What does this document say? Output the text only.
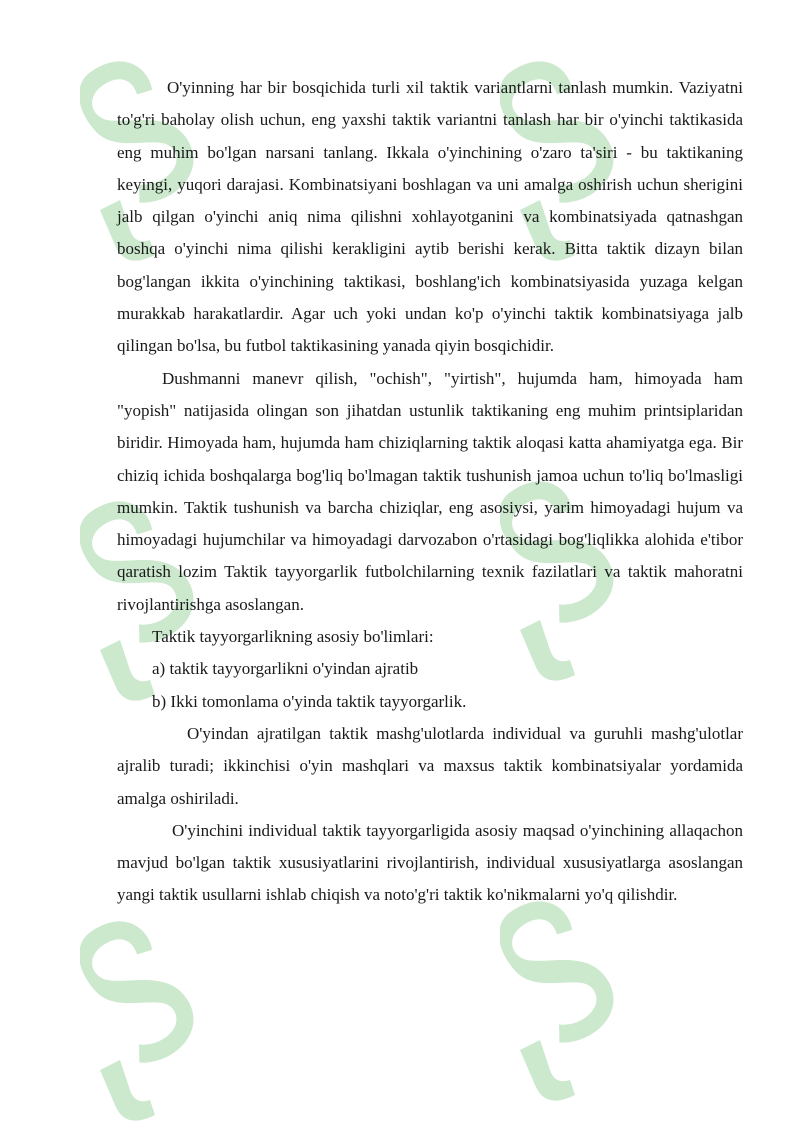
O'yinning har bir bosqichida turli xil taktik variantlarni tanlash mumkin. Vaziyatni to'g'ri baholay olish uchun, eng yaxshi taktik variantni tanlash har bir o'yinchi taktikasida eng muhim bo'lgan narsani tanlang. Ikkala o'yinchining o'zaro ta'siri - bu taktikaning keyingi, yuqori darajasi. Kombinatsiyani boshlagan va uni amalga oshirish uchun sherigini jalb qilgan o'yinchi aniq nima qilishni xohlayotganini va kombinatsiyada qatnashgan boshqa o'yinchi nima qilishi kerakligini aytib berishi kerak. Bitta taktik dizayn bilan bog'langan ikkita o'yinchining taktikasi, boshlang'ich kombinatsiyasida yuzaga kelgan murakkab harakatlardir. Agar uch yoki undan ko'p o'yinchi taktik kombinatsiyaga jalb qilingan bo'lsa, bu futbol taktikasining yanada qiyin bosqichidir.

Dushmanni manevr qilish, "ochish", "yirtish", hujumda ham, himoyada ham "yopish" natijasida olingan son jihatdan ustunlik taktikaning eng muhim printsiplaridan biridir. Himoyada ham, hujumda ham chiziqlarning taktik aloqasi katta ahamiyatga ega. Bir chiziq ichida boshqalarga bog'liq bo'lmagan taktik tushunish jamoa uchun to'liq bo'lmasligi mumkin. Taktik tushunish va barcha chiziqlar, eng asosiysi, yarim himoyadagi hujum va himoyadagi hujumchilar va himoyadagi darvozabon o'rtasidagi bog'liqlikka alohida e'tibor qaratish lozim Taktik tayyorgarlik futbolchilarning texnik fazilatlari va taktik mahoratni rivojlantirishga asoslangan.

Taktik tayyorgarlikning asosiy bo'limlari:

a) taktik tayyorgarlikni o'yindan ajratib

b) Ikki tomonlama o'yinda taktik tayyorgarlik.

O'yindan ajratilgan taktik mashg'ulotlarda individual va guruhli mashg'ulotlar ajralib turadi; ikkinchisi o'yin mashqlari va maxsus taktik kombinatsiyalar yordamida amalga oshiriladi.

O'yinchini individual taktik tayyorgarligida asosiy maqsad o'yinchining allaqachon mavjud bo'lgan taktik xususiyatlarini rivojlantirish, individual xususiyatlarga asoslangan yangi taktik usullarni ishlab chiqish va noto'g'ri taktik ko'nikmalarni yo'q qilishdir.
